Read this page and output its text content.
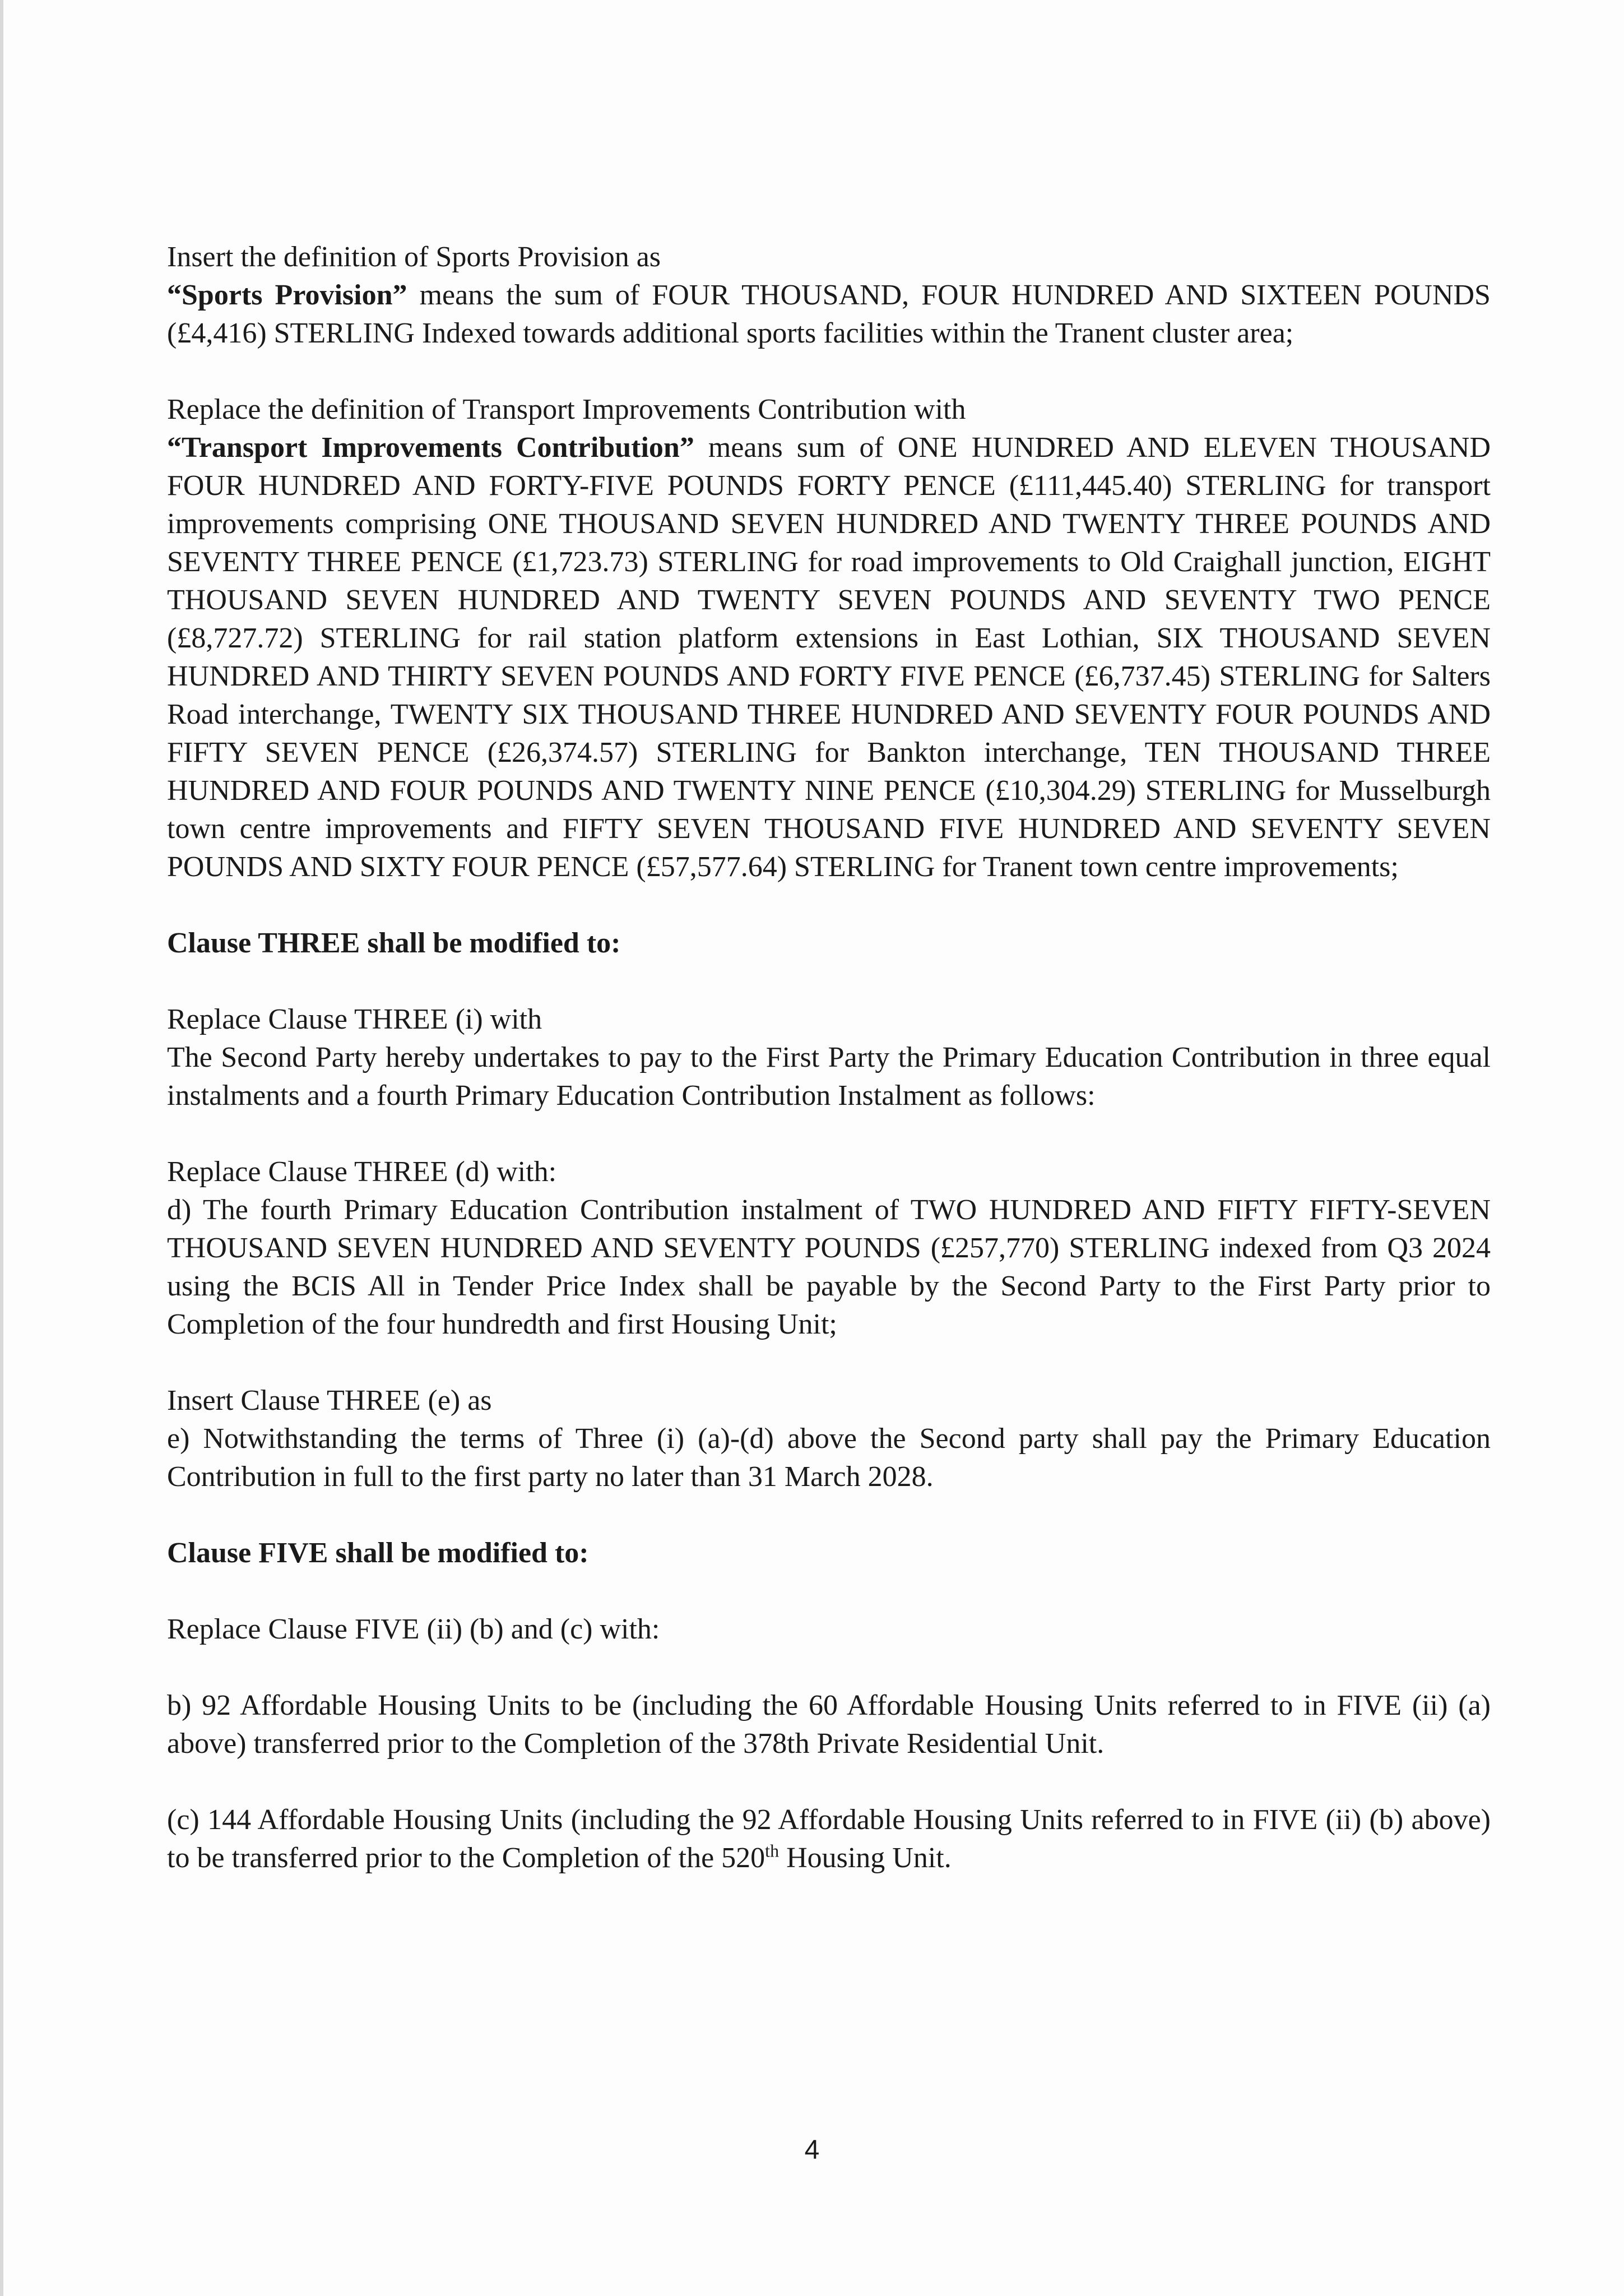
Insert the definition of Sports Provision as

“Sports Provision” means the sum of FOUR THOUSAND, FOUR HUNDRED AND SIXTEEN POUNDS (£4,416) STERLING Indexed towards additional sports facilities within the Tranent cluster area;

Replace the definition of Transport Improvements Contribution with

“Transport Improvements Contribution” means sum of ONE HUNDRED AND ELEVEN THOUSAND FOUR HUNDRED AND FORTY-FIVE POUNDS FORTY PENCE (£111,445.40) STERLING for transport improvements comprising ONE THOUSAND SEVEN HUNDRED AND TWENTY THREE POUNDS AND SEVENTY THREE PENCE (£1,723.73) STERLING for road improvements to Old Craighall junction, EIGHT THOUSAND SEVEN HUNDRED AND TWENTY SEVEN POUNDS AND SEVENTY TWO PENCE (£8,727.72) STERLING for rail station platform extensions in East Lothian, SIX THOUSAND SEVEN HUNDRED AND THIRTY SEVEN POUNDS AND FORTY FIVE PENCE (£6,737.45) STERLING for Salters Road interchange, TWENTY SIX THOUSAND THREE HUNDRED AND SEVENTY FOUR POUNDS AND FIFTY SEVEN PENCE (£26,374.57) STERLING for Bankton interchange, TEN THOUSAND THREE HUNDRED AND FOUR POUNDS AND TWENTY NINE PENCE (£10,304.29) STERLING for Musselburgh town centre improvements and FIFTY SEVEN THOUSAND FIVE HUNDRED AND SEVENTY SEVEN POUNDS AND SIXTY FOUR PENCE (£57,577.64) STERLING for Tranent town centre improvements;

Clause THREE shall be modified to:

Replace Clause THREE (i) with

The Second Party hereby undertakes to pay to the First Party the Primary Education Contribution in three equal instalments and a fourth Primary Education Contribution Instalment as follows:

Replace Clause THREE (d) with:

d) The fourth Primary Education Contribution instalment of TWO HUNDRED AND FIFTY FIFTY-SEVEN THOUSAND SEVEN HUNDRED AND SEVENTY POUNDS (£257,770) STERLING indexed from Q3 2024 using the BCIS All in Tender Price Index shall be payable by the Second Party to the First Party prior to Completion of the four hundredth and first Housing Unit;

Insert Clause THREE (e) as

e) Notwithstanding the terms of Three (i) (a)-(d) above the Second party shall pay the Primary Education Contribution in full to the first party no later than 31 March 2028.

Clause FIVE shall be modified to:

Replace Clause FIVE (ii) (b) and (c) with:

b) 92 Affordable Housing Units to be (including the 60 Affordable Housing Units referred to in FIVE (ii) (a) above) transferred prior to the Completion of the 378th Private Residential Unit.

(c) 144 Affordable Housing Units (including the 92 Affordable Housing Units referred to in FIVE (ii) (b) above) to be transferred prior to the Completion of the 520th Housing Unit.

4
